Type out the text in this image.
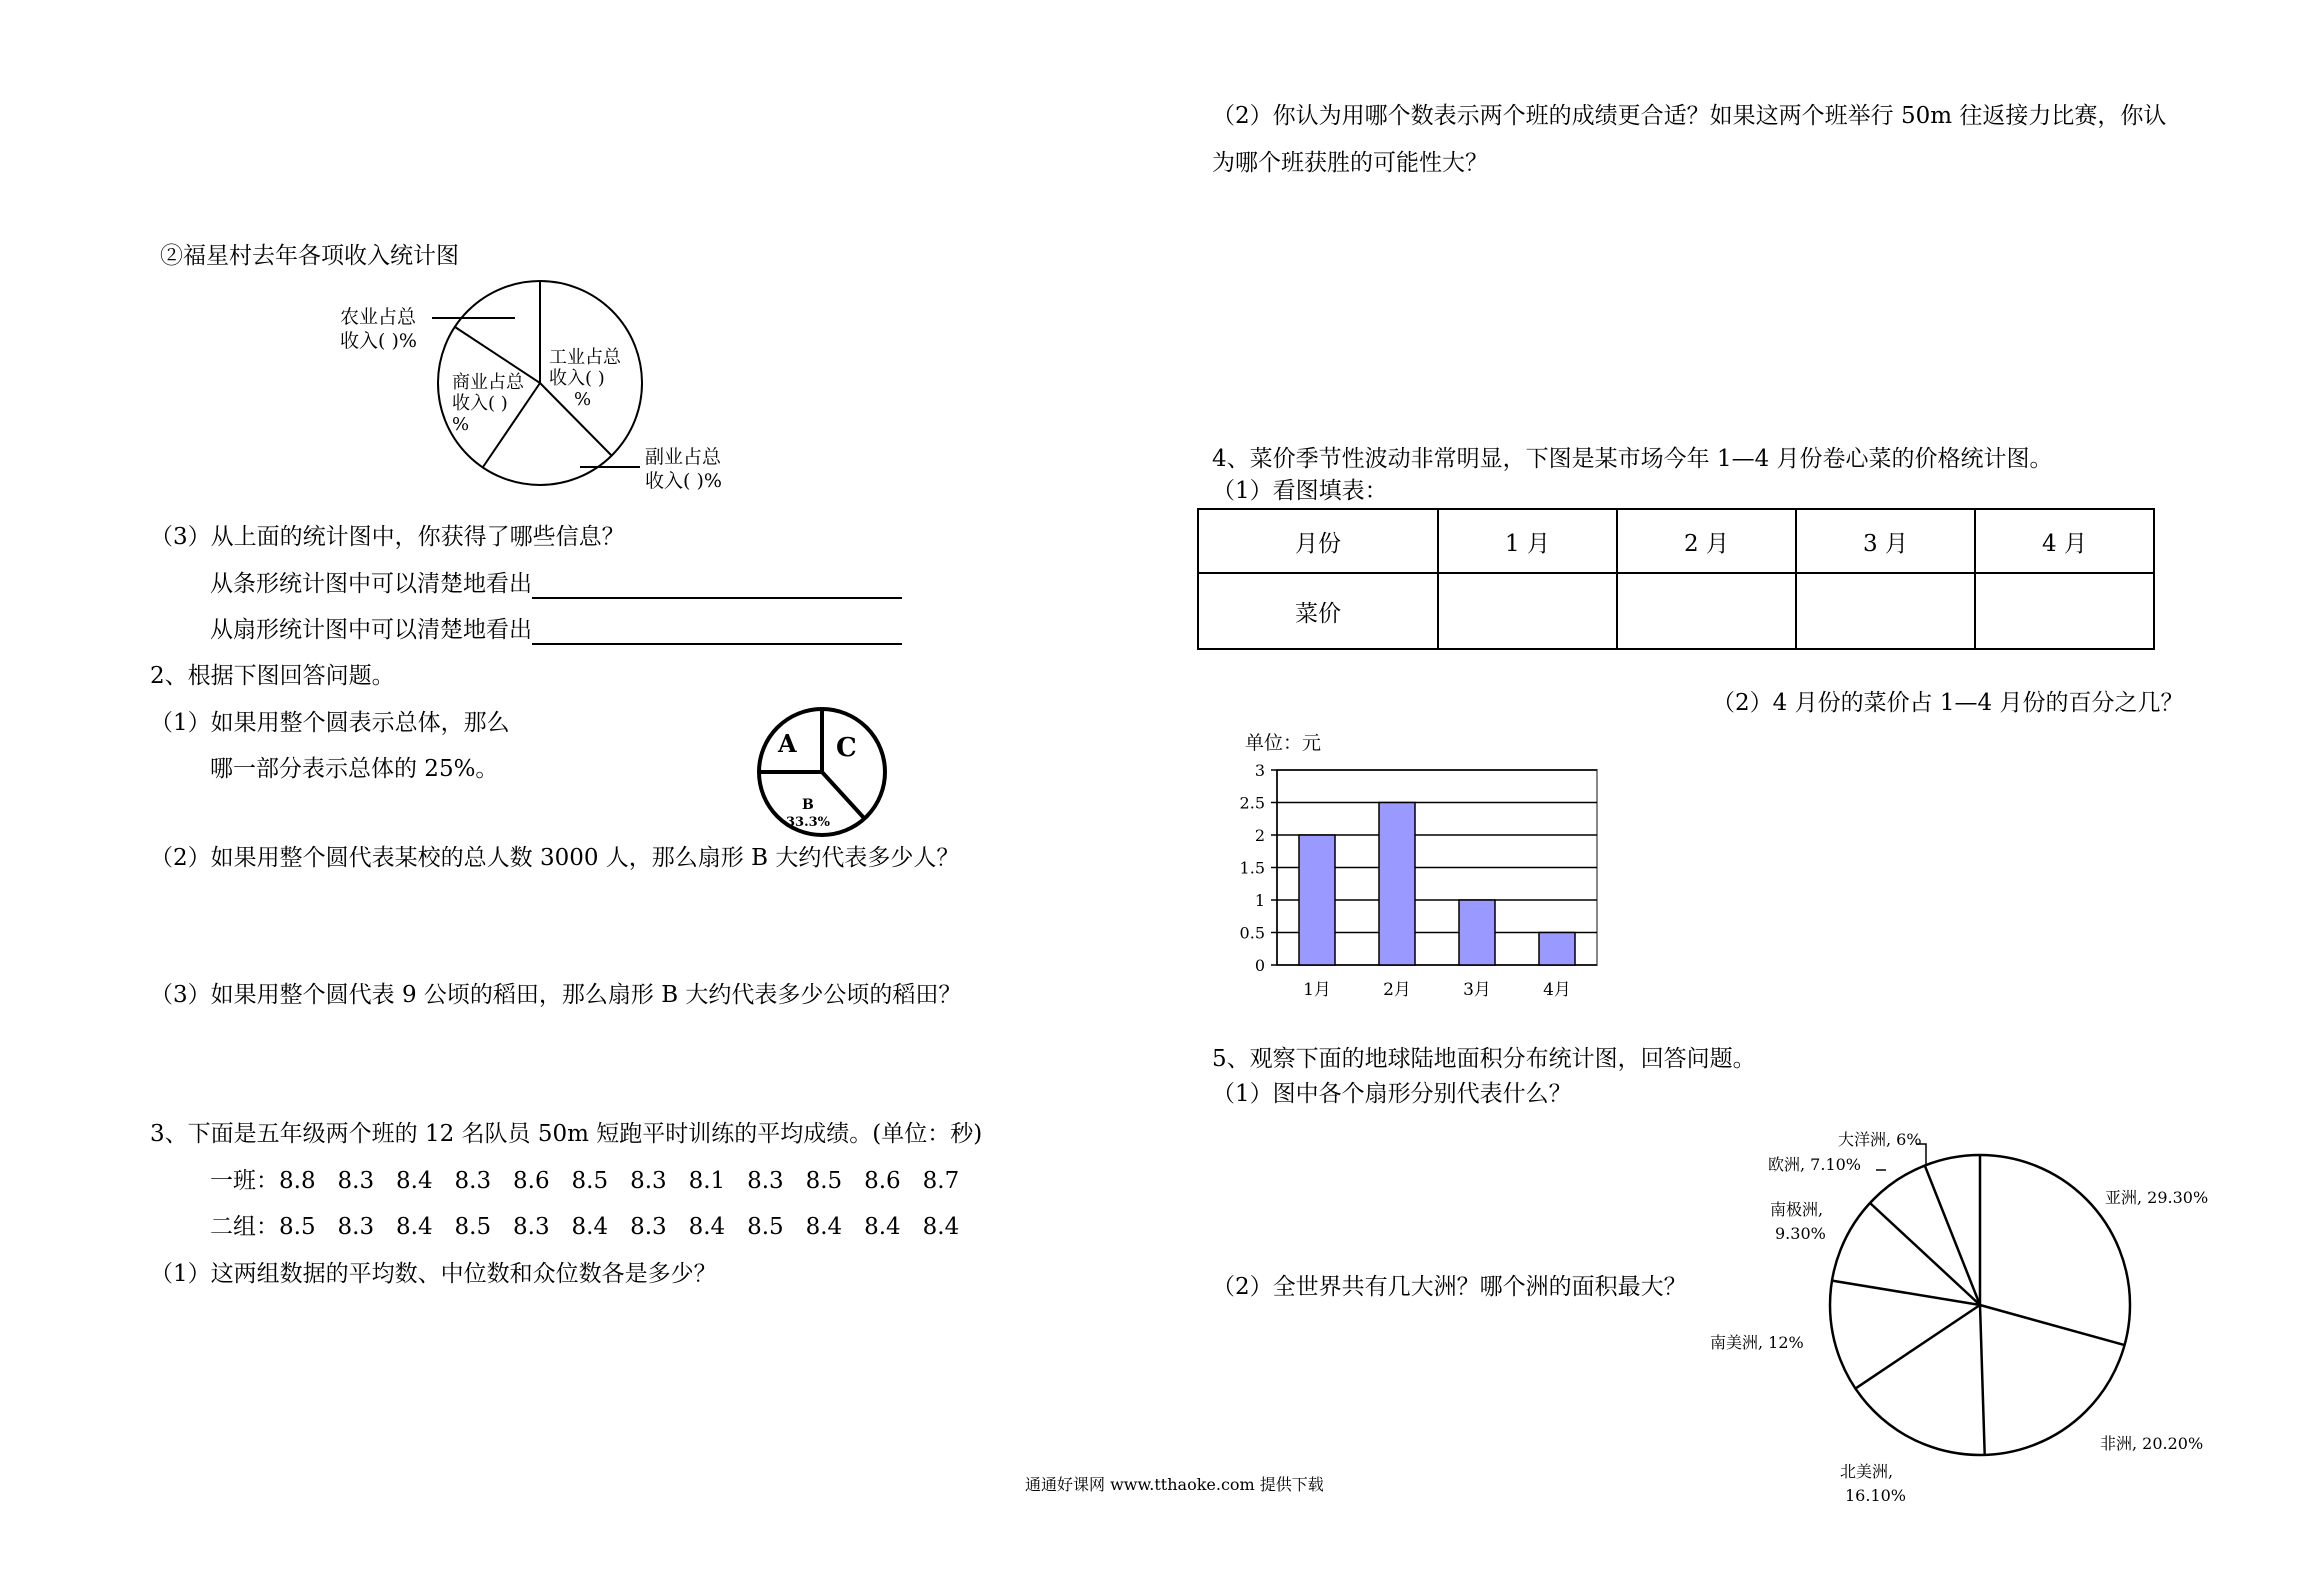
②福星村去年各项收入统计图
农业占总
收入( )%
商业占总
收入( )
%
工业占总
收入( )
%
副业占总
收入( )%
（3）从上面的统计图中，你获得了哪些信息？
从条形统计图中可以清楚地看出
从扇形统计图中可以清楚地看出
2、根据下图回答问题。
（1）如果用整个圆表示总体，那么
哪一部分表示总体的 25%。
A C
B
33.3%
（2）如果用整个圆代表某校的总人数 3000 人，那么扇形 B 大约代表多少人？
（3）如果用整个圆代表 9 公顷的稻田，那么扇形 B 大约代表多少公顷的稻田？
3、下面是五年级两个班的 12 名队员 50m 短跑平时训练的平均成绩。(单位：秒)
一班：8.8   8.3   8.4   8.3   8.6   8.5   8.3   8.1   8.3   8.5   8.6   8.7
二组：8.5   8.3   8.4   8.5   8.3   8.4   8.3   8.4   8.5   8.4   8.4   8.4
（1）这两组数据的平均数、中位数和众位数各是多少？
（2）你认为用哪个数表示两个班的成绩更合适？如果这两个班举行 50m 往返接力比赛，你认
为哪个班获胜的可能性大？
4、菜价季节性波动非常明显，下图是某市场今年 1—4 月份卷心菜的价格统计图。
（1）看图填表：
月份	1 月	2 月	3 月	4 月
菜价				
（2）4 月份的菜价占 1—4 月份的百分之几？
单位：元
0
0.5
1
1.5
2
2.5
3
1月	2月	3月	4月
5、观察下面的地球陆地面积分布统计图，回答问题。
（1）图中各个扇形分别代表什么？
（2）全世界共有几大洲？哪个洲的面积最大？
亚洲, 29.30%
非洲, 20.20%
北美洲,
16.10%
南美洲, 12%
南极洲,
9.30%
欧洲, 7.10%
大洋洲, 6%
通通好课网 www.tthaoke.com 提供下载
